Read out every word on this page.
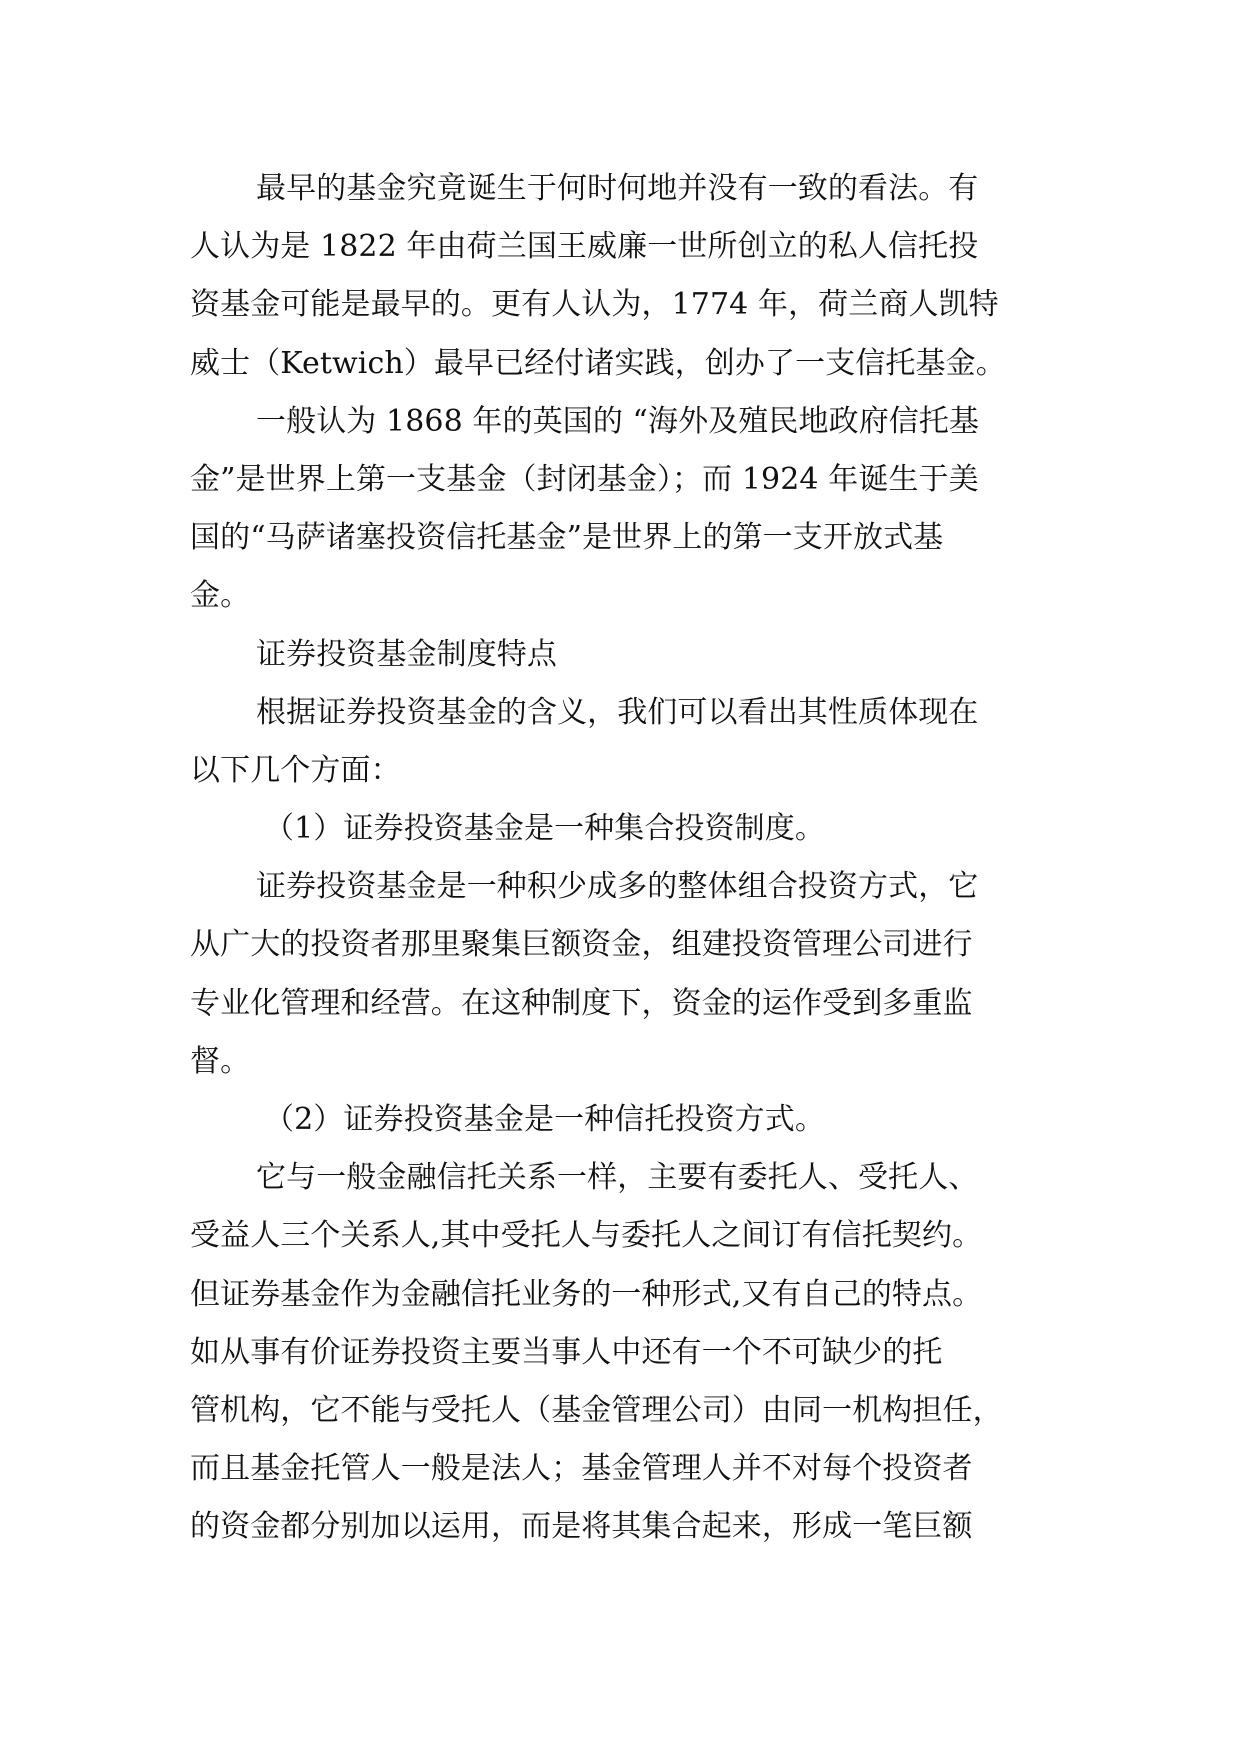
最早的基金究竟诞生于何时何地并没有一致的看法。有
人认为是 1822 年由荷兰国王威廉一世所创立的私人信托投
资基金可能是最早的。更有人认为，1774 年，荷兰商人凯特
威士（Ketwich）最早已经付诸实践，创办了一支信托基金。
一般认为 1868 年的英国的 “海外及殖民地政府信托基
金”是世界上第一支基金（封闭基金）；而 1924 年诞生于美
国的“马萨诸塞投资信托基金”是世界上的第一支开放式基
金。
证券投资基金制度特点
根据证券投资基金的含义，我们可以看出其性质体现在
以下几个方面：
（1）证券投资基金是一种集合投资制度。
证券投资基金是一种积少成多的整体组合投资方式，它
从广大的投资者那里聚集巨额资金，组建投资管理公司进行
专业化管理和经营。在这种制度下，资金的运作受到多重监
督。
（2）证券投资基金是一种信托投资方式。
它与一般金融信托关系一样，主要有委托人、受托人、
受益人三个关系人,其中受托人与委托人之间订有信托契约。
但证券基金作为金融信托业务的一种形式,又有自己的特点。
如从事有价证券投资主要当事人中还有一个不可缺少的托
管机构，它不能与受托人（基金管理公司）由同一机构担任，
而且基金托管人一般是法人；基金管理人并不对每个投资者
的资金都分别加以运用，而是将其集合起来，形成一笔巨额
